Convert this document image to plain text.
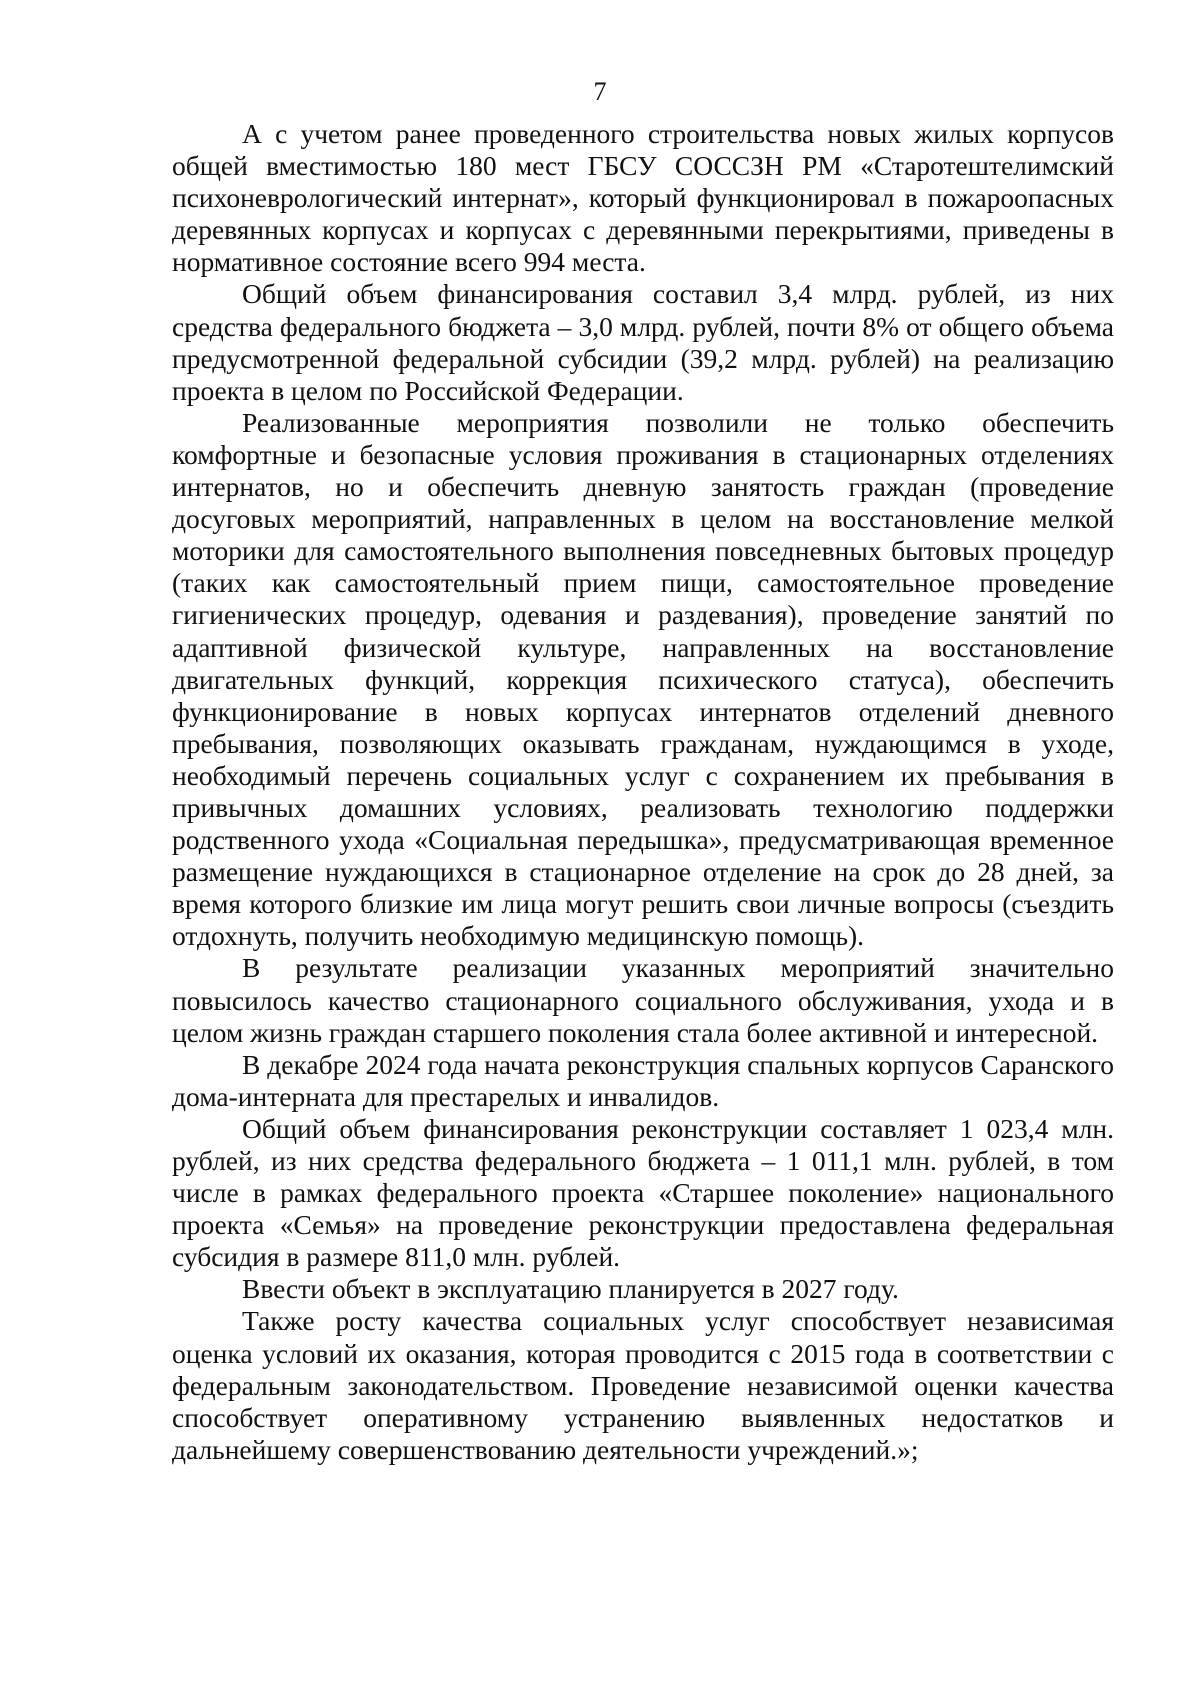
7

А с учетом ранее проведенного строительства новых жилых корпусов общей вместимостью 180 мест ГБСУ СОССЗН РМ «Старотештелимский психоневрологический интернат», который функционировал в пожароопасных деревянных корпусах и корпусах с деревянными перекрытиями, приведены в нормативное состояние всего 994 места.

Общий объем финансирования составил 3,4 млрд. рублей, из них средства федерального бюджета – 3,0 млрд. рублей, почти 8% от общего объема предусмотренной федеральной субсидии (39,2 млрд. рублей) на реализацию проекта в целом по Российской Федерации.

Реализованные мероприятия позволили не только обеспечить комфортные и безопасные условия проживания в стационарных отделениях интернатов, но и обеспечить дневную занятость граждан (проведение досуговых мероприятий, направленных в целом на восстановление мелкой моторики для самостоятельного выполнения повседневных бытовых процедур (таких как самостоятельный прием пищи, самостоятельное проведение гигиенических процедур, одевания и раздевания), проведение занятий по адаптивной физической культуре, направленных на восстановление двигательных функций, коррекция психического статуса), обеспечить функционирование в новых корпусах интернатов отделений дневного пребывания, позволяющих оказывать гражданам, нуждающимся в уходе, необходимый перечень социальных услуг с сохранением их пребывания в привычных домашних условиях, реализовать технологию поддержки родственного ухода «Социальная передышка», предусматривающая временное размещение нуждающихся в стационарное отделение на срок до 28 дней, за время которого близкие им лица могут решить свои личные вопросы (съездить отдохнуть, получить необходимую медицинскую помощь).

В результате реализации указанных мероприятий значительно повысилось качество стационарного социального обслуживания, ухода и в целом жизнь граждан старшего поколения стала более активной и интересной.

В декабре 2024 года начата реконструкция спальных корпусов Саранского дома-интерната для престарелых и инвалидов.

Общий объем финансирования реконструкции составляет 1 023,4 млн. рублей, из них средства федерального бюджета – 1 011,1 млн. рублей, в том числе в рамках федерального проекта «Старшее поколение» национального проекта «Семья» на проведение реконструкции предоставлена федеральная субсидия в размере 811,0 млн. рублей.

Ввести объект в эксплуатацию планируется в 2027 году.

Также росту качества социальных услуг способствует независимая оценка условий их оказания, которая проводится с 2015 года в соответствии с федеральным законодательством. Проведение независимой оценки качества способствует оперативному устранению выявленных недостатков и дальнейшему совершенствованию деятельности учреждений.»;
